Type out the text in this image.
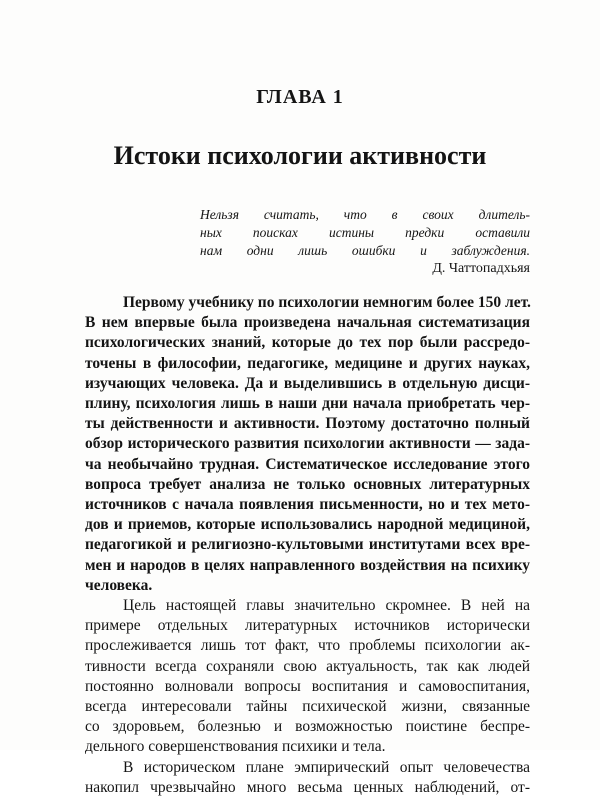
ГЛАВА 1
Истоки психологии активности
Нельзя считать, что в своих длитель-
ных поисках истины предки оставили
нам одни лишь ошибки и заблуждения.
Д. Чаттопадхьяя
Первому учебнику по психологии немногим более 150 лет.
В нем впервые была произведена начальная систематизация
психологических знаний, которые до тех пор были рассредо-
точены в философии, педагогике, медицине и других науках,
изучающих человека. Да и выделившись в отдельную дисци-
плину, психология лишь в наши дни начала приобретать чер-
ты действенности и активности. Поэтому достаточно полный
обзор исторического развития психологии активности — зада-
ча необычайно трудная. Систематическое исследование этого
вопроса требует анализа не только основных литературных
источников с начала появления письменности, но и тех мето-
дов и приемов, которые использовались народной медициной,
педагогикой и религиозно-культовыми институтами всех вре-
мен и народов в целях направленного воздействия на психику
человека.
Цель настоящей главы значительно скромнее. В ней на
примере отдельных литературных источников исторически
прослеживается лишь тот факт, что проблемы психологии ак-
тивности всегда сохраняли свою актуальность, так как людей
постоянно волновали вопросы воспитания и самовоспитания,
всегда интересовали тайны психической жизни, связанные
со здоровьем, болезнью и возможностью поистине беспре-
дельного совершенствования психики и тела.
В историческом плане эмпирический опыт человечества
накопил чрезвычайно много весьма ценных наблюдений, от-
